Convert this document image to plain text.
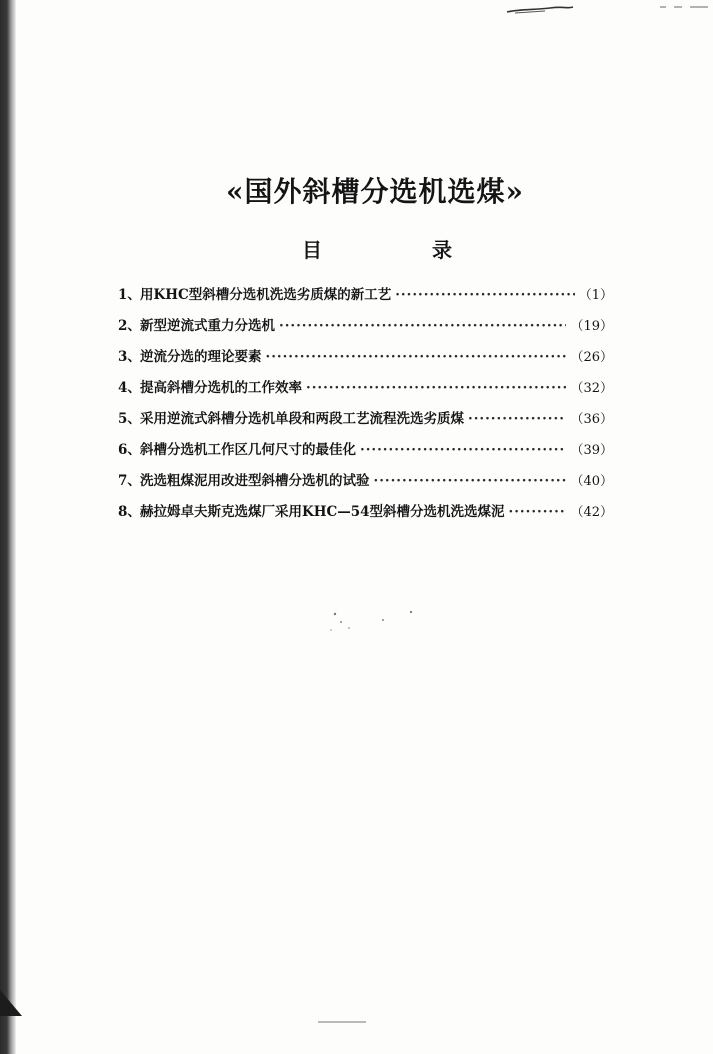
«国外斜槽分选机选煤»
目	录
1、 用KHC型斜槽分选机洗选劣质煤的新工艺 ·····	（1）
2、 新型逆流式重力分选机 ·····	（19）
3、 逆流分选的理论要素 ·····	（26）
4、 提高斜槽分选机的工作效率 ·····	（32）
5、 采用逆流式斜槽分选机单段和两段工艺流程洗选劣质煤 ·····	（36）
6、 斜槽分选机工作区几何尺寸的最佳化 ·····	（39）
7、 洗选粗煤泥用改进型斜槽分选机的试验 ·····	（40）
8、 赫拉姆卓夫斯克选煤厂采用KHC—54型斜槽分选机洗选煤泥 ·····	（42）
